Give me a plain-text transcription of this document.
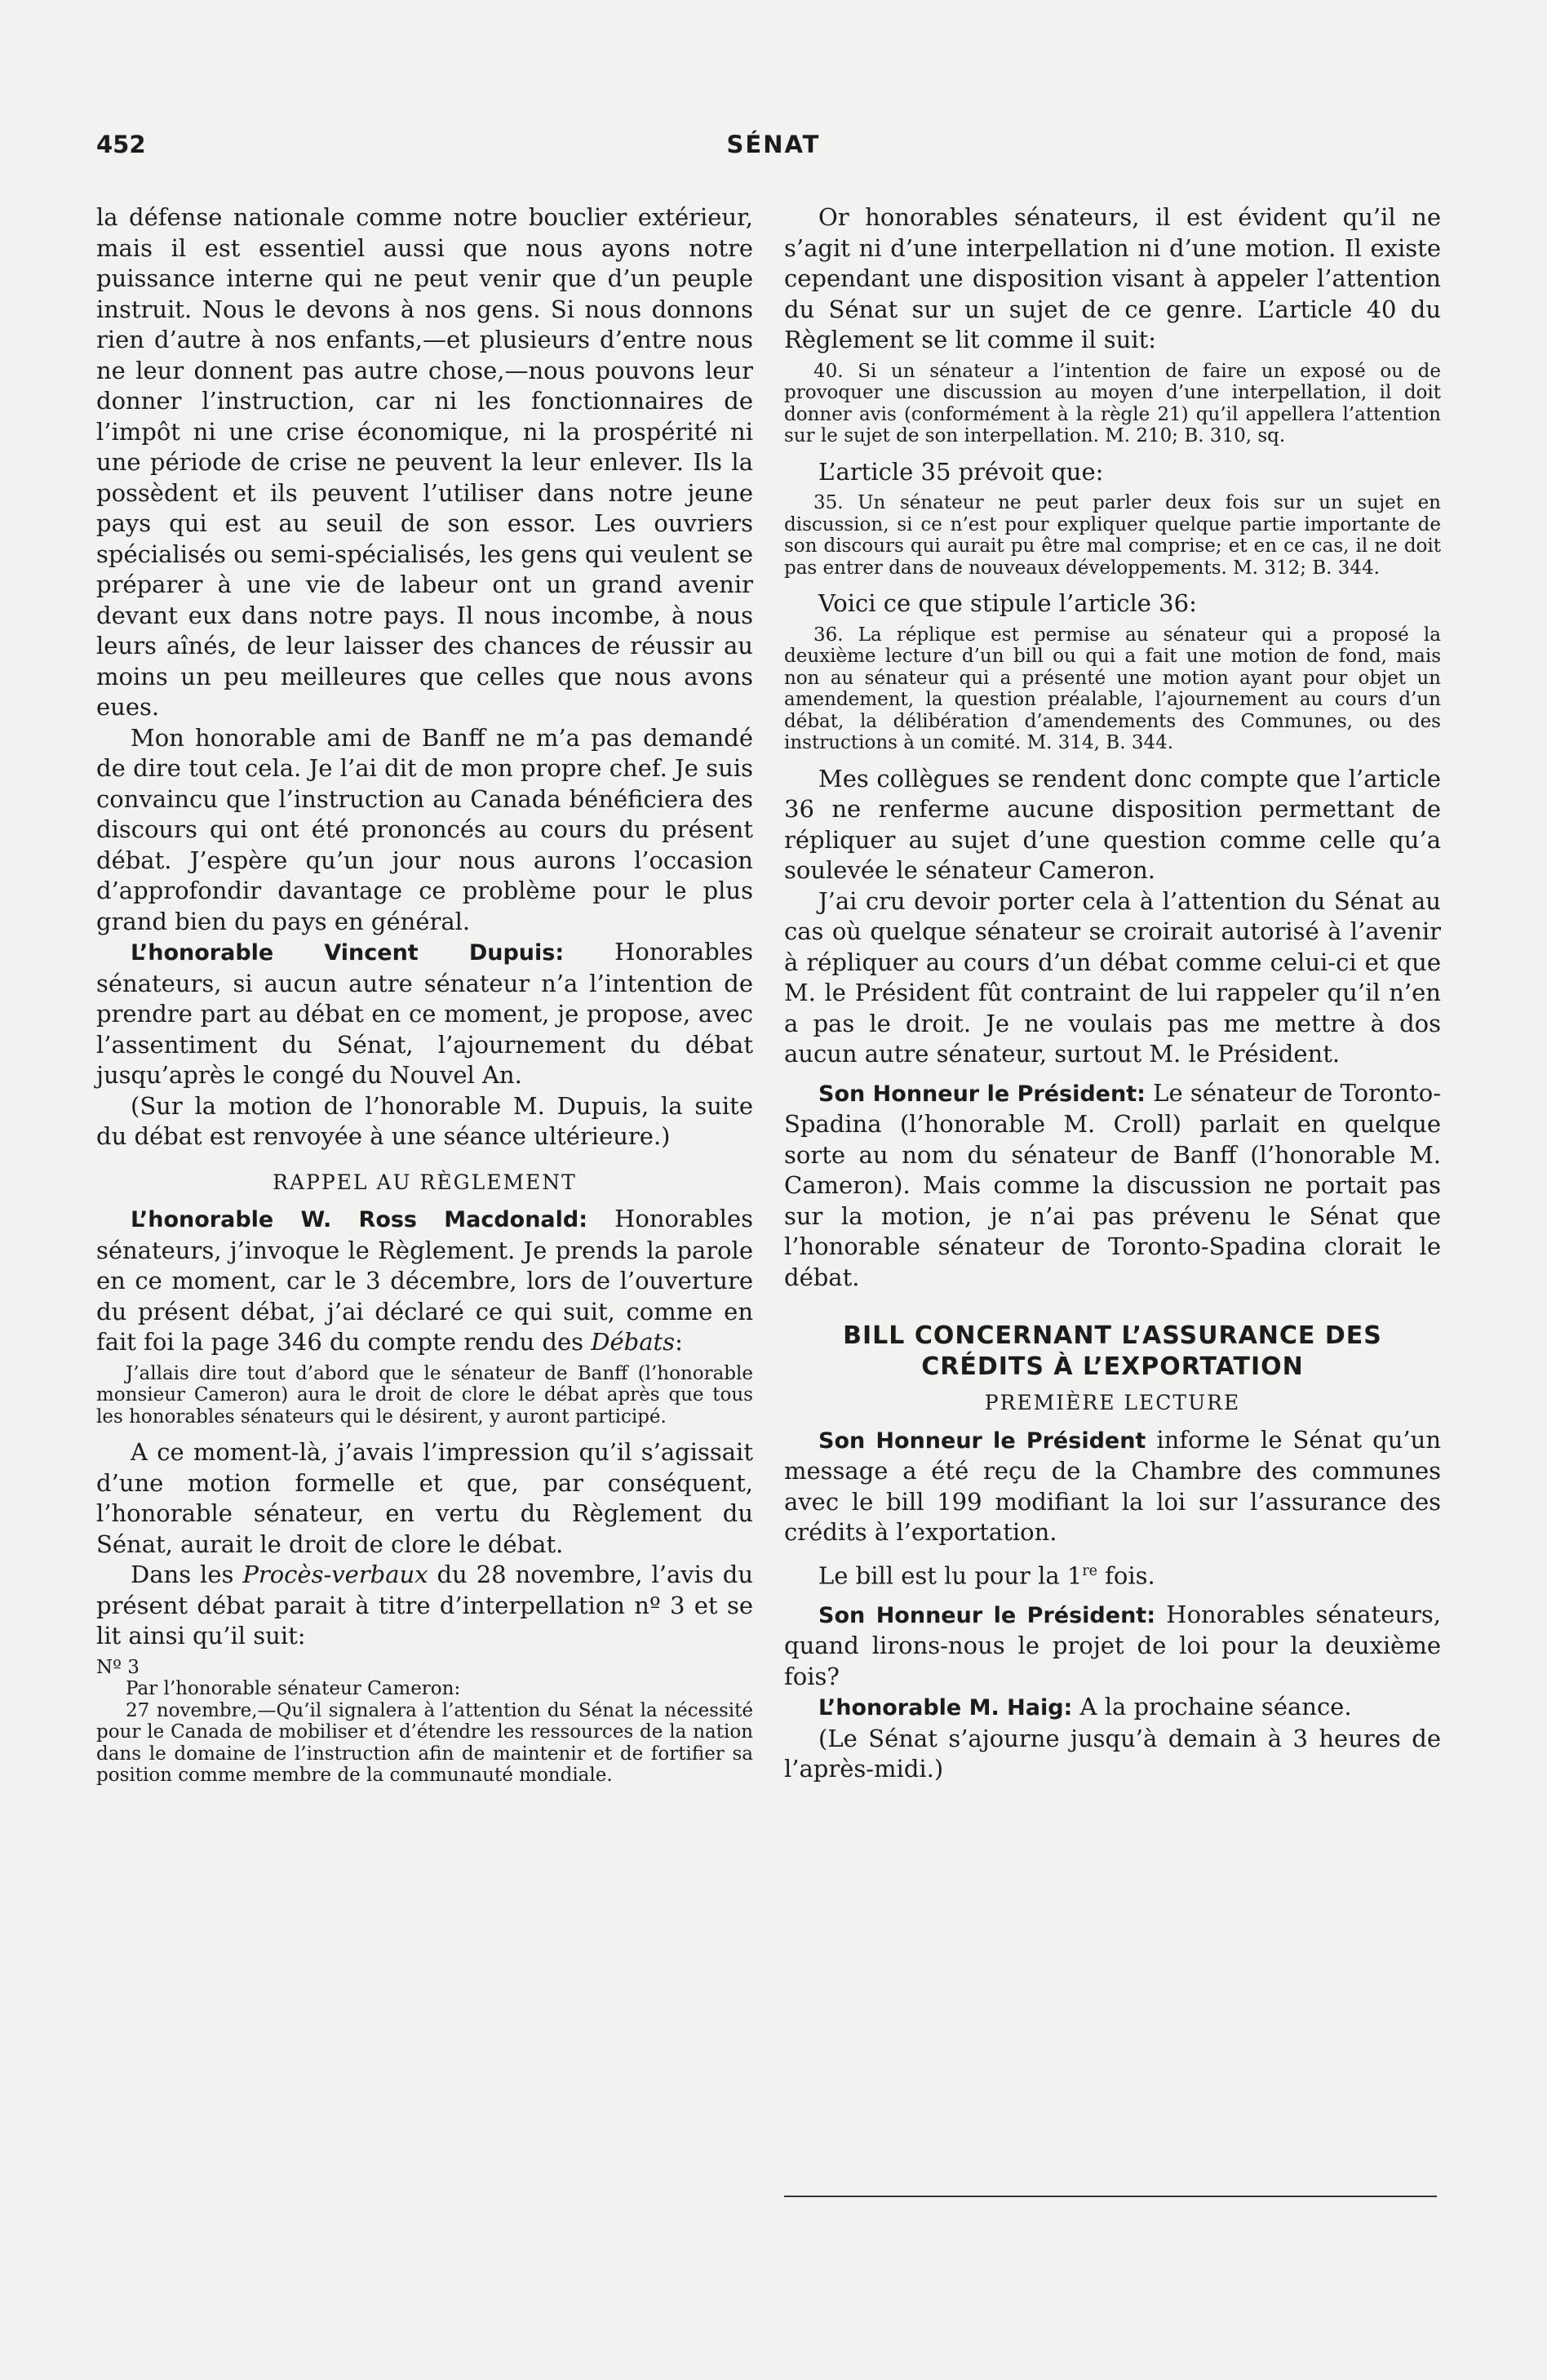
452	SÉNAT

la défense nationale comme notre bouclier extérieur, mais il est essentiel aussi que nous ayons notre puissance interne qui ne peut venir que d’un peuple instruit. Nous le devons à nos gens. Si nous donnons rien d’autre à nos enfants,—et plusieurs d’entre nous ne leur donnent pas autre chose,—nous pouvons leur donner l’instruction, car ni les fonctionnaires de l’impôt ni une crise économique, ni la prospérité ni une période de crise ne peuvent la leur enlever. Ils la possèdent et ils peuvent l’utiliser dans notre jeune pays qui est au seuil de son essor. Les ouvriers spécialisés ou semi-spécialisés, les gens qui veulent se préparer à une vie de labeur ont un grand avenir devant eux dans notre pays. Il nous incombe, à nous leurs aînés, de leur laisser des chances de réussir au moins un peu meilleures que celles que nous avons eues.

Mon honorable ami de Banff ne m’a pas demandé de dire tout cela. Je l’ai dit de mon propre chef. Je suis convaincu que l’instruction au Canada bénéficiera des discours qui ont été prononcés au cours du présent débat. J’espère qu’un jour nous aurons l’occasion d’approfondir davantage ce problème pour le plus grand bien du pays en général.

L’honorable Vincent Dupuis: Honorables sénateurs, si aucun autre sénateur n’a l’intention de prendre part au débat en ce moment, je propose, avec l’assentiment du Sénat, l’ajournement du débat jusqu’après le congé du Nouvel An.

(Sur la motion de l’honorable M. Dupuis, la suite du débat est renvoyée à une séance ultérieure.)

RAPPEL AU RÈGLEMENT

L’honorable W. Ross Macdonald: Honorables sénateurs, j’invoque le Règlement. Je prends la parole en ce moment, car le 3 décembre, lors de l’ouverture du présent débat, j’ai déclaré ce qui suit, comme en fait foi la page 346 du compte rendu des Débats:

J’allais dire tout d’abord que le sénateur de Banff (l’honorable monsieur Cameron) aura le droit de clore le débat après que tous les honorables sénateurs qui le désirent, y auront participé.

A ce moment-là, j’avais l’impression qu’il s’agissait d’une motion formelle et que, par conséquent, l’honorable sénateur, en vertu du Règlement du Sénat, aurait le droit de clore le débat.

Dans les Procès-verbaux du 28 novembre, l’avis du présent débat parait à titre d’interpellation nº 3 et se lit ainsi qu’il suit:

Nº 3
Par l’honorable sénateur Cameron:
27 novembre,—Qu’il signalera à l’attention du Sénat la nécessité pour le Canada de mobiliser et d’étendre les ressources de la nation dans le domaine de l’instruction afin de maintenir et de fortifier sa position comme membre de la communauté mondiale.

Or honorables sénateurs, il est évident qu’il ne s’agit ni d’une interpellation ni d’une motion. Il existe cependant une disposition visant à appeler l’attention du Sénat sur un sujet de ce genre. L’article 40 du Règlement se lit comme il suit:

40. Si un sénateur a l’intention de faire un exposé ou de provoquer une discussion au moyen d’une interpellation, il doit donner avis (conformément à la règle 21) qu’il appellera l’attention sur le sujet de son interpellation. M. 210; B. 310, sq.

L’article 35 prévoit que:

35. Un sénateur ne peut parler deux fois sur un sujet en discussion, si ce n’est pour expliquer quelque partie importante de son discours qui aurait pu être mal comprise; et en ce cas, il ne doit pas entrer dans de nouveaux développements. M. 312; B. 344.

Voici ce que stipule l’article 36:

36. La réplique est permise au sénateur qui a proposé la deuxième lecture d’un bill ou qui a fait une motion de fond, mais non au sénateur qui a présenté une motion ayant pour objet un amendement, la question préalable, l’ajournement au cours d’un débat, la délibération d’amendements des Communes, ou des instructions à un comité. M. 314, B. 344.

Mes collègues se rendent donc compte que l’article 36 ne renferme aucune disposition permettant de répliquer au sujet d’une question comme celle qu’a soulevée le sénateur Cameron.

J’ai cru devoir porter cela à l’attention du Sénat au cas où quelque sénateur se croirait autorisé à l’avenir à répliquer au cours d’un débat comme celui-ci et que M. le Président fût contraint de lui rappeler qu’il n’en a pas le droit. Je ne voulais pas me mettre à dos aucun autre sénateur, surtout M. le Président.

Son Honneur le Président: Le sénateur de Toronto-Spadina (l’honorable M. Croll) parlait en quelque sorte au nom du sénateur de Banff (l’honorable M. Cameron). Mais comme la discussion ne portait pas sur la motion, je n’ai pas prévenu le Sénat que l’honorable sénateur de Toronto-Spadina clorait le débat.

BILL CONCERNANT L’ASSURANCE DES CRÉDITS À L’EXPORTATION
PREMIÈRE LECTURE

Son Honneur le Président informe le Sénat qu’un message a été reçu de la Chambre des communes avec le bill 199 modifiant la loi sur l’assurance des crédits à l’exportation.

Le bill est lu pour la 1re fois.

Son Honneur le Président: Honorables sénateurs, quand lirons-nous le projet de loi pour la deuxième fois?

L’honorable M. Haig: A la prochaine séance.

(Le Sénat s’ajourne jusqu’à demain à 3 heures de l’après-midi.)
